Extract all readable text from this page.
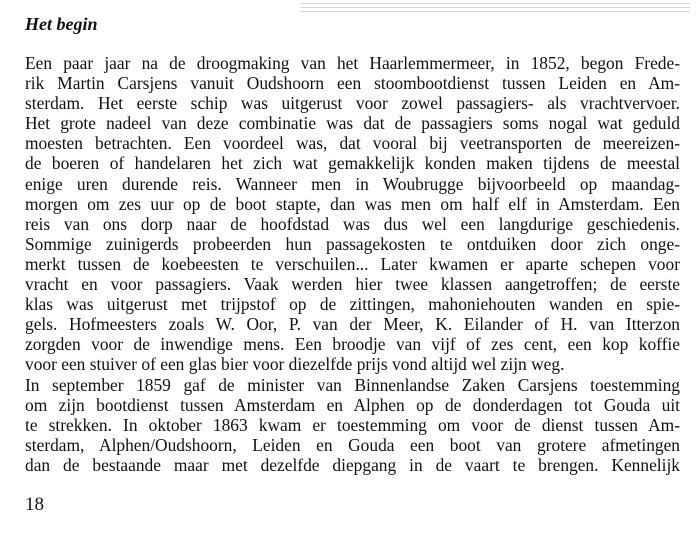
Het begin
Een paar jaar na de droogmaking van het Haarlemmermeer, in 1852, begon Frede-
rik Martin Carsjens vanuit Oudshoorn een stoombootdienst tussen Leiden en Am-
sterdam. Het eerste schip was uitgerust voor zowel passagiers- als vrachtvervoer.
Het grote nadeel van deze combinatie was dat de passagiers soms nogal wat geduld
moesten betrachten. Een voordeel was, dat vooral bij veetransporten de meereizen-
de boeren of handelaren het zich wat gemakkelijk konden maken tijdens de meestal
enige uren durende reis. Wanneer men in Woubrugge bijvoorbeeld op maandag-
morgen om zes uur op de boot stapte, dan was men om half elf in Amsterdam. Een
reis van ons dorp naar de hoofdstad was dus wel een langdurige geschiedenis.
Sommige zuinigerds probeerden hun passagekosten te ontduiken door zich onge-
merkt tussen de koebeesten te verschuilen... Later kwamen er aparte schepen voor
vracht en voor passagiers. Vaak werden hier twee klassen aangetroffen; de eerste
klas was uitgerust met trijpstof op de zittingen, mahoniehouten wanden en spie-
gels. Hofmeesters zoals W. Oor, P. van der Meer, K. Eilander of H. van Itterzon
zorgden voor de inwendige mens. Een broodje van vijf of zes cent, een kop koffie
voor een stuiver of een glas bier voor diezelfde prijs vond altijd wel zijn weg.
In september 1859 gaf de minister van Binnenlandse Zaken Carsjens toestemming
om zijn bootdienst tussen Amsterdam en Alphen op de donderdagen tot Gouda uit
te strekken. In oktober 1863 kwam er toestemming om voor de dienst tussen Am-
sterdam, Alphen/Oudshoorn, Leiden en Gouda een boot van grotere afmetingen
dan de bestaande maar met dezelfde diepgang in de vaart te brengen. Kennelijk
18
